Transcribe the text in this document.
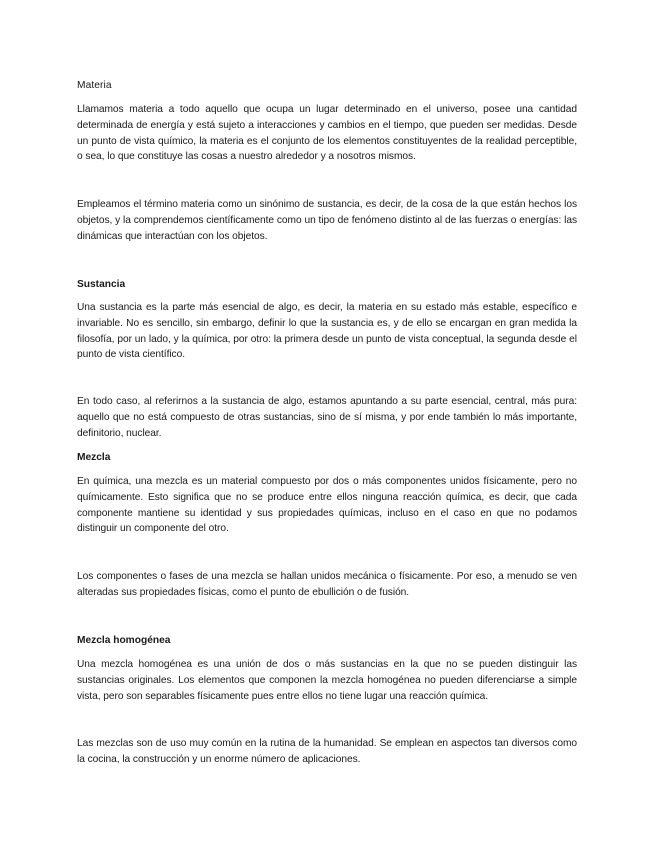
Materia

Llamamos materia a todo aquello que ocupa un lugar determinado en el universo, posee una cantidad determinada de energía y está sujeto a interacciones y cambios en el tiempo, que pueden ser medidas. Desde un punto de vista químico, la materia es el conjunto de los elementos constituyentes de la realidad perceptible, o sea, lo que constituye las cosas a nuestro alrededor y a nosotros mismos.

Empleamos el término materia como un sinónimo de sustancia, es decir, de la cosa de la que están hechos los objetos, y la comprendemos científicamente como un tipo de fenómeno distinto al de las fuerzas o energías: las dinámicas que interactúan con los objetos.

Sustancia

Una sustancia es la parte más esencial de algo, es decir, la materia en su estado más estable, específico e invariable. No es sencillo, sin embargo, definir lo que la sustancia es, y de ello se encargan en gran medida la filosofía, por un lado, y la química, por otro: la primera desde un punto de vista conceptual, la segunda desde el punto de vista científico.

En todo caso, al referirnos a la sustancia de algo, estamos apuntando a su parte esencial, central, más pura: aquello que no está compuesto de otras sustancias, sino de sí misma, y por ende también lo más importante, definitorio, nuclear.

Mezcla

En química, una mezcla es un material compuesto por dos o más componentes unidos físicamente, pero no químicamente. Esto significa que no se produce entre ellos ninguna reacción química, es decir, que cada componente mantiene su identidad y sus propiedades químicas, incluso en el caso en que no podamos distinguir un componente del otro.

Los componentes o fases de una mezcla se hallan unidos mecánica o físicamente. Por eso, a menudo se ven alteradas sus propiedades físicas, como el punto de ebullición o de fusión.

Mezcla homogénea

Una mezcla homogénea es una unión de dos o más sustancias en la que no se pueden distinguir las sustancias originales. Los elementos que componen la mezcla homogénea no pueden diferenciarse a simple vista, pero son separables físicamente pues entre ellos no tiene lugar una reacción química.

Las mezclas son de uso muy común en la rutina de la humanidad. Se emplean en aspectos tan diversos como la cocina, la construcción y un enorme número de aplicaciones.
